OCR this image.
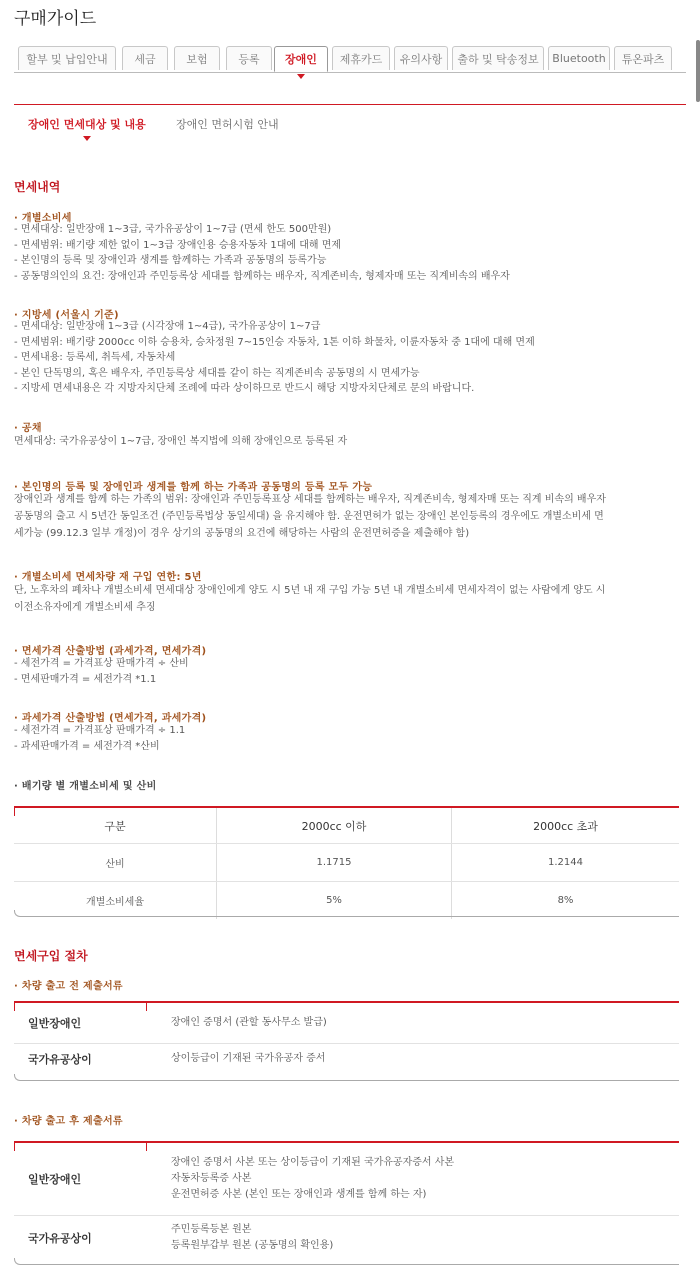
구매가이드
할부 및 납입안내 세금	보험	등록 장애인 제휴카드 유의사항 출하 및 탁송정보 Bluetooth 튜온파츠
장애인 면세대상 및 내용	장애인 면허시험 안내
면세내역
· 개별소비세
- 면세대상: 일반장애 1~3급, 국가유공상이 1~7급 (면세 한도 500만원)
- 면세범위: 배기량 제한 없이 1~3급 장애인용 승용자동차 1대에 대해 면제
- 본인명의 등록 및 장애인과 생계를 함께하는 가족과 공동명의 등록가능
- 공동명의인의 요건: 장애인과 주민등록상 세대를 함께하는 배우자, 직계존비속, 형제자매 또는 직계비속의 배우자
· 지방세 (서울시 기준)
- 면세대상: 일반장애 1~3급 (시각장애 1~4급), 국가유공상이 1~7급
- 면세범위: 배기량 2000cc 이하 승용차, 승차정원 7~15인승 자동차, 1톤 이하 화물차, 이륜자동차 중 1대에 대해 면제
- 면세내용: 등록세, 취득세, 자동차세
- 본인 단독명의, 혹은 배우자, 주민등록상 세대를 같이 하는 직계존비속 공동명의 시 면세가능
- 지방세 면세내용은 각 지방자치단체 조례에 따라 상이하므로 반드시 해당 지방자치단체로 문의 바랍니다.
· 공채
면세대상: 국가유공상이 1~7급, 장애인 복지법에 의해 장애인으로 등록된 자
· 본인명의 등록 및 장애인과 생계를 함께 하는 가족과 공동명의 등록 모두 가능
장애인과 생계를 함께 하는 가족의 범위: 장애인과 주민등록표상 세대를 함께하는 배우자, 직계존비속, 형제자매 또는 직계 비속의 배우자
공동명의 출고 시 5년간 동일조건 (주민등록법상 동일세대) 을 유지해야 함. 운전면허가 없는 장애인 본인등록의 경우에도 개별소비세 면
세가능 (99.12.3 일부 개정)이 경우 상기의 공동명의 요건에 해당하는 사람의 운전면허증을 제출해야 함)
· 개별소비세 면세차량 재 구입 연한: 5년
단, 노후차의 폐차나 개별소비세 면세대상 장애인에게 양도 시 5년 내 재 구입 가능 5년 내 개별소비세 면세자격이 없는 사람에게 양도 시
이전소유자에게 개별소비세 추징
· 면세가격 산출방법 (과세가격, 면세가격)
- 세전가격 = 가격표상 판매가격 ÷ 산비
- 면세판매가격 = 세전가격 *1.1
· 과세가격 산출방법 (면세가격, 과세가격)
- 세전가격 = 가격표상 판매가격 ÷ 1.1
- 과세판매가격 = 세전가격 *산비
· 배기량 별 개별소비세 및 산비
구분	2000cc 이하	2000cc 초과
산비	1.1715	1.2144
개별소비세율	5%	8%
면세구입 절차
· 차량 출고 전 제출서류
일반장애인	장애인 증명서 (관할 동사무소 발급)
국가유공상이	상이등급이 기재된 국가유공자 증서
· 차량 출고 후 제출서류
일반장애인	장애인 증명서 사본 또는 상이등급이 기재된 국가유공자증서 사본
자동차등록증 사본
운전면허증 사본 (본인 또는 장애인과 생계를 함께 하는 자)

국가유공상이	주민등록등본 원본
등록원부갑부 원본 (공동명의 확인용)
